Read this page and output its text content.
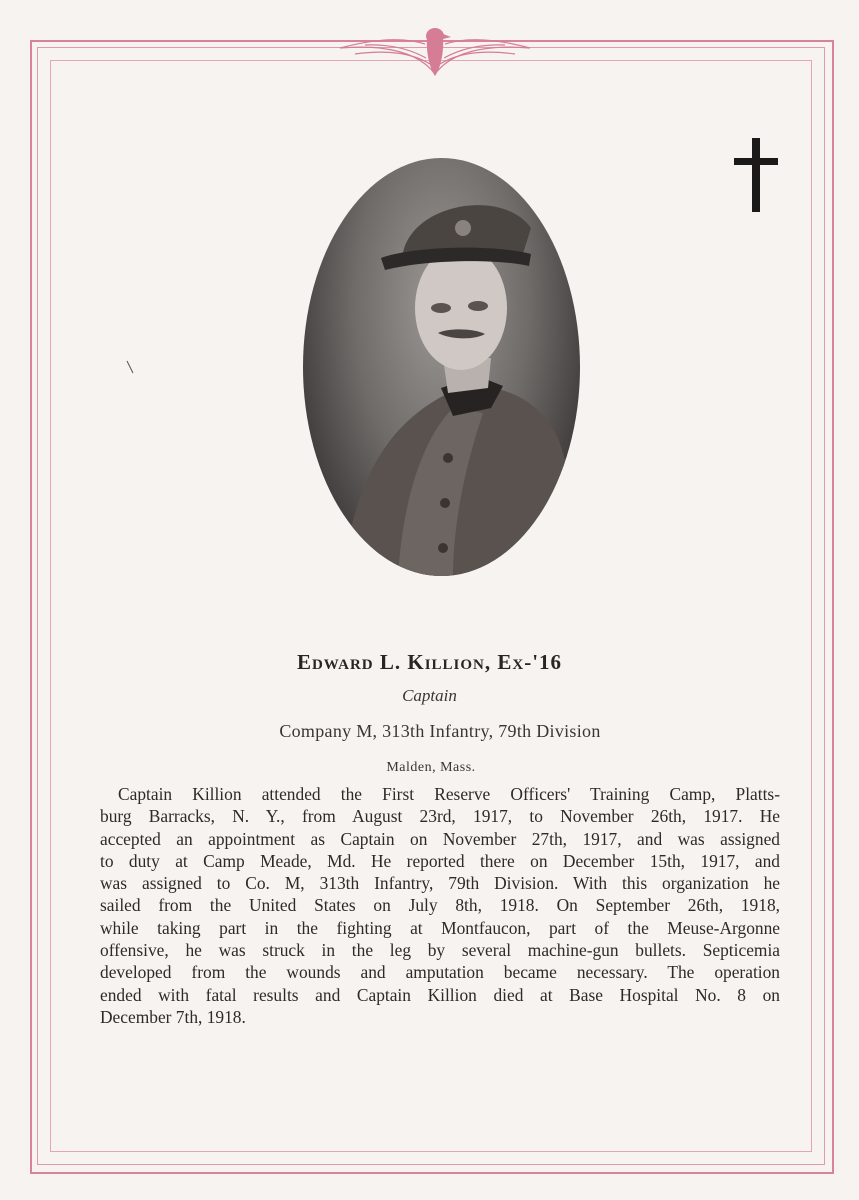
Edward L. Killion, Ex-'16
Captain
Company M, 313th Infantry, 79th Division
Malden, Mass.
Captain Killion attended the First Reserve Officers' Training Camp, Platts-
burg Barracks, N. Y., from August 23rd, 1917, to November 26th, 1917. He
accepted an appointment as Captain on November 27th, 1917, and was assigned
to duty at Camp Meade, Md. He reported there on December 15th, 1917, and
was assigned to Co. M, 313th Infantry, 79th Division. With this organization he
sailed from the United States on July 8th, 1918. On September 26th, 1918,
while taking part in the fighting at Montfaucon, part of the Meuse-Argonne
offensive, he was struck in the leg by several machine-gun bullets. Septicemia
developed from the wounds and amputation became necessary. The operation
ended with fatal results and Captain Killion died at Base Hospital No. 8 on
December 7th, 1918.
